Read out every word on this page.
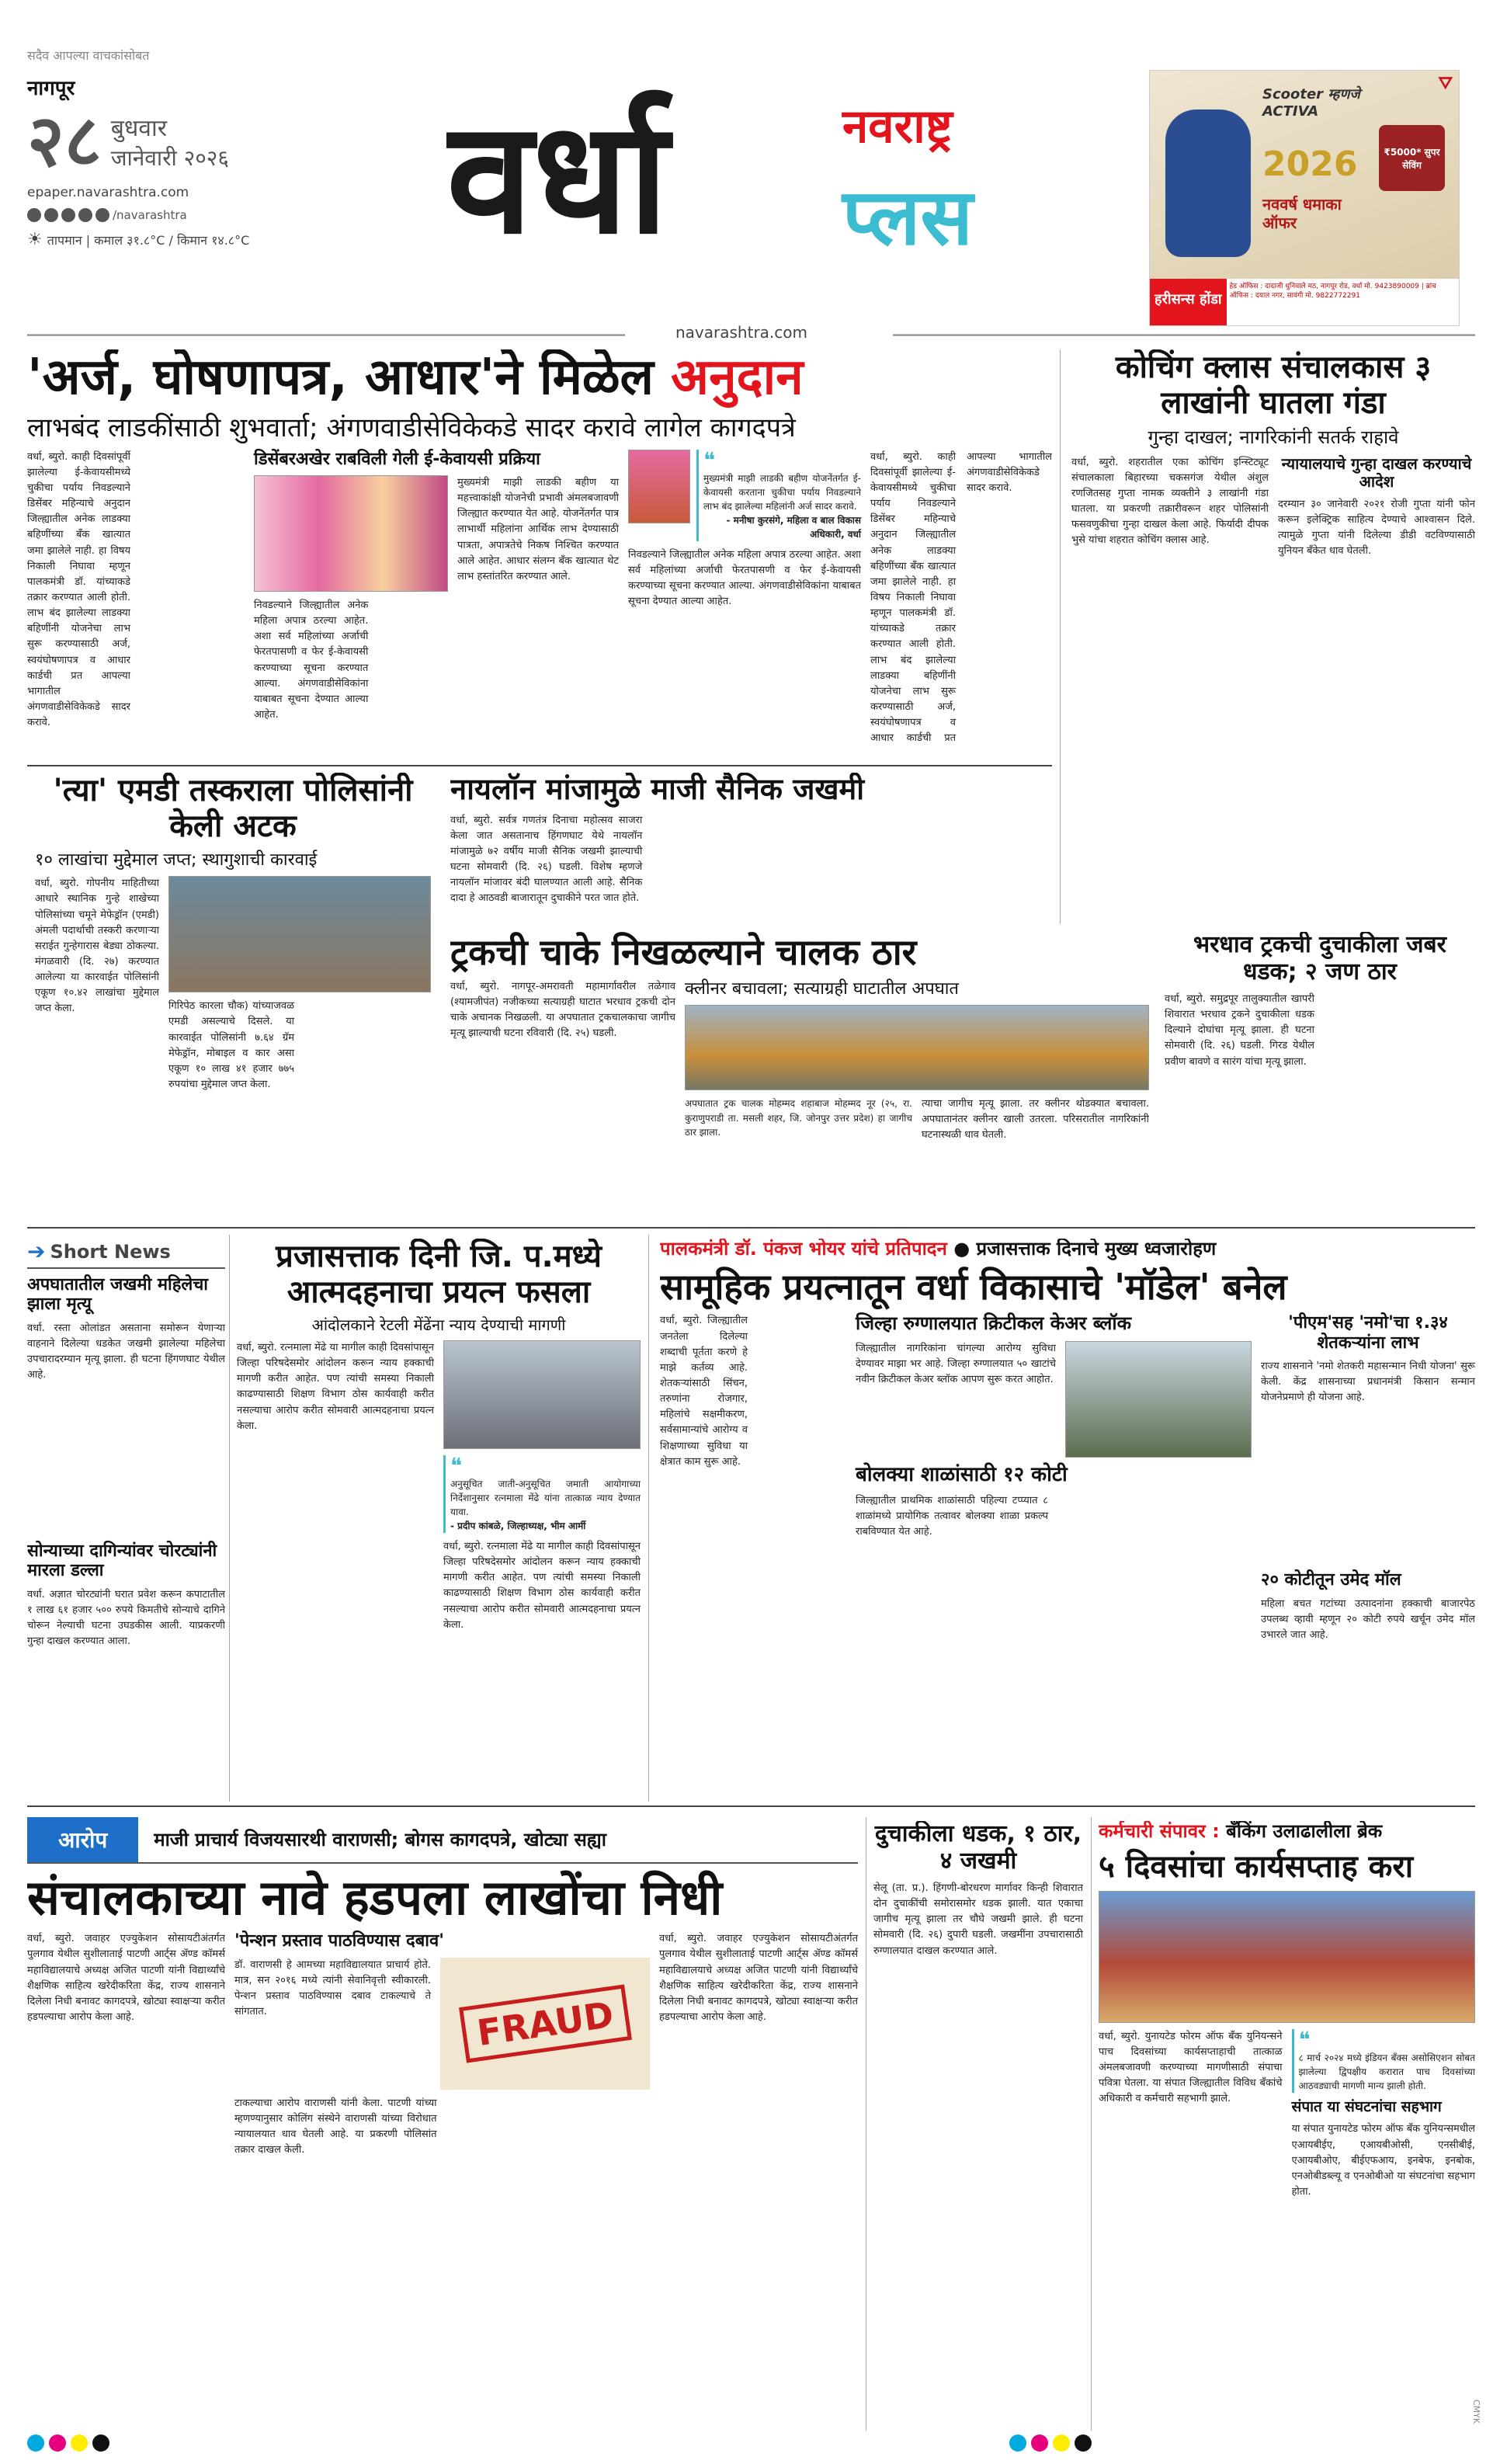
सदैव आपल्या वाचकांसोबत
नागपूर
२८ बुधवार
जानेवारी २०२६
epaper.navarashtra.com
/navarashtra
☀ तापमान | कमाल ३१.८°C / किमान १४.८°C वर्धा	नवराष्ट्र
प्लस
navarashtra.com
⛛
Scooter म्हणजे ACTIVA
2026
नववर्ष धमाका ऑफर
₹5000* सुपर सेविंग
हरीसन्स होंडा
हेड ऑफिस : दादाजी धुनिवाले मठ, नागपूर रोड, वर्धा मो. 9423890009 | ब्रांच ऑफिस : दयाल नगर, सावंगी मो. 9822772291
'अर्ज, घोषणापत्र, आधार'ने मिळेल अनुदान
लाभबंद लाडकींसाठी शुभवार्ता; अंगणवाडीसेविकेकडे सादर करावे लागेल कागदपत्रे
वर्धा, ब्युरो. काही दिवसांपूर्वी झालेल्या ई-केवायसीमध्ये चुकीचा पर्याय निवडल्याने डिसेंबर महिन्याचे अनुदान जिल्ह्यातील अनेक लाडक्या बहिणींच्या बँक खात्यात जमा झालेले नाही. हा विषय निकाली निघावा म्हणून पालकमंत्री डॉ. यांच्याकडे तक्रार करण्यात आली होती. लाभ बंद झालेल्या लाडक्या बहिणींनी योजनेचा लाभ सुरू करण्यासाठी अर्ज, स्वयंघोषणापत्र व आधार कार्डची प्रत आपल्या भागातील अंगणवाडीसेविकेकडे सादर करावे.
डिसेंबरअखेर राबविली गेली ई-केवायसी प्रक्रिया
मुख्यमंत्री माझी लाडकी बहीण या महत्त्वाकांक्षी योजनेची प्रभावी अंमलबजावणी जिल्ह्यात करण्यात येत आहे. योजनेंतर्गत पात्र लाभार्थी महिलांना आर्थिक लाभ देण्यासाठी पात्रता, अपात्रतेचे निकष निश्चित करण्यात आले आहेत. आधार संलग्न बँक खात्यात थेट लाभ हस्तांतरित करण्यात आले.
निवडल्याने जिल्ह्यातील अनेक महिला अपात्र ठरल्या आहेत. अशा सर्व महिलांच्या अर्जाची फेरतपासणी व फेर ई-केवायसी करण्याच्या सूचना करण्यात आल्या. अंगणवाडीसेविकांना याबाबत सूचना देण्यात आल्या आहेत.
❝
मुख्यमंत्री माझी लाडकी बहीण योजनेंतर्गत ई-केवायसी करताना चुकीचा पर्याय निवडल्याने लाभ बंद झालेल्या महिलांनी अर्ज सादर करावे.
- मनीषा कुरसंगे, महिला व बाल विकास अधिकारी, वर्धा
निवडल्याने जिल्ह्यातील अनेक महिला अपात्र ठरल्या आहेत. अशा सर्व महिलांच्या अर्जाची फेरतपासणी व फेर ई-केवायसी करण्याच्या सूचना करण्यात आल्या. अंगणवाडीसेविकांना याबाबत सूचना देण्यात आल्या आहेत.
वर्धा, ब्युरो. काही दिवसांपूर्वी झालेल्या ई-केवायसीमध्ये चुकीचा पर्याय निवडल्याने डिसेंबर महिन्याचे अनुदान जिल्ह्यातील अनेक लाडक्या बहिणींच्या बँक खात्यात जमा झालेले नाही. हा विषय निकाली निघावा म्हणून पालकमंत्री डॉ. यांच्याकडे तक्रार करण्यात आली होती. लाभ बंद झालेल्या लाडक्या बहिणींनी योजनेचा लाभ सुरू करण्यासाठी अर्ज, स्वयंघोषणापत्र व आधार कार्डची प्रत आपल्या भागातील अंगणवाडीसेविकेकडे सादर करावे.
कोचिंग क्लास संचालकास ३ लाखांनी घातला गंडा
गुन्हा दाखल; नागरिकांनी सतर्क राहावे
वर्धा, ब्युरो. शहरातील एका कोचिंग इन्स्टिट्यूट संचालकाला बिहारच्या चकसगंज येथील अंशुल रणजितसह गुप्ता नामक व्यक्तीने ३ लाखांनी गंडा घातला. या प्रकरणी तक्रारीवरून शहर पोलिसांनी फसवणुकीचा गुन्हा दाखल केला आहे. फिर्यादी दीपक भुसे यांचा शहरात कोचिंग क्लास आहे.
न्यायालयाचे गुन्हा दाखल करण्याचे आदेश
दरम्यान ३० जानेवारी २०२१ रोजी गुप्ता यांनी फोन करून इलेक्ट्रिक साहित्य देण्याचे आश्वासन दिले. त्यामुळे गुप्ता यांनी दिलेल्या डीडी वटविण्यासाठी युनियन बँकेत धाव घेतली.
'त्या' एमडी तस्कराला पोलिसांनी केली अटक
१० लाखांचा मुद्देमाल जप्त; स्थागुशाची कारवाई
वर्धा, ब्युरो. गोपनीय माहितीच्या आधारे स्थानिक गुन्हे शाखेच्या पोलिसांच्या चमूने मेफेड्रॉन (एमडी) अंमली पदार्थाची तस्करी करणाऱ्या सराईत गुन्हेगारास बेड्या ठोकल्या. मंगळवारी (दि. २७) करण्यात आलेल्या या कारवाईत पोलिसांनी एकूण १०.४२ लाखांचा मुद्देमाल जप्त केला.	गिरिपेठ कारला चौक) यांच्याजवळ एमडी असल्याचे दिसले. या कारवाईत पोलिसांनी ७.६४ ग्रॅम मेफेड्रॉन, मोबाइल व कार असा एकूण १० लाख ४१ हजार ७७५ रुपयांचा मुद्देमाल जप्त केला.
नायलॉन मांजामुळे माजी सैनिक जखमी
वर्धा, ब्युरो. सर्वत्र गणतंत्र दिनाचा महोत्सव साजरा केला जात असतानाच हिंगणघाट येथे नायलॉन मांजामुळे ७२ वर्षीय माजी सैनिक जखमी झाल्याची घटना सोमवारी (दि. २६) घडली. विशेष म्हणजे नायलॉन मांजावर बंदी घालण्यात आली आहे. सैनिक दादा हे आठवडी बाजारातून दुचाकीने परत जात होते.
ट्रकची चाके निखळल्याने चालक ठार
वर्धा, ब्युरो. नागपूर-अमरावती महामार्गावरील तळेगाव (श्यामजीपंत) नजीकच्या सत्याग्रही घाटात भरधाव ट्रकची दोन चाके अचानक निखळली. या अपघातात ट्रकचालकाचा जागीच मृत्यू झाल्याची घटना रविवारी (दि. २५) घडली.
क्लीनर बचावला; सत्याग्रही घाटातील अपघात
अपघातात ट्रक चालक मोहम्मद शहाबाज मोहम्मद नूर (२५, रा. कुराणुपराडी ता. मसली शहर, जि. जोनपुर उत्तर प्रदेश) हा जागीच ठार झाला.
त्याचा जागीच मृत्यू झाला. तर क्लीनर थोडक्यात बचावला. अपघातानंतर क्लीनर खाली उतरला. परिसरातील नागरिकांनी घटनास्थळी धाव घेतली.
भरधाव ट्रकची दुचाकीला जबर धडक; २ जण ठार
वर्धा, ब्युरो. समुद्रपूर तालुक्यातील खापरी शिवारात भरधाव ट्रकने दुचाकीला धडक दिल्याने दोघांचा मृत्यू झाला. ही घटना सोमवारी (दि. २६) घडली. गिरड येथील प्रवीण बावणे व सारंग यांचा मृत्यू झाला.
➔ Short News
अपघातातील जखमी महिलेचा झाला मृत्यू
वर्धा. रस्ता ओलांडत असताना समोरून येणाऱ्या वाहनाने दिलेल्या धडकेत जखमी झालेल्या महिलेचा उपचारादरम्यान मृत्यू झाला. ही घटना हिंगणघाट येथील आहे.
सोन्याच्या दागिन्यांवर चोरट्यांनी मारला डल्ला
वर्धा. अज्ञात चोरट्यांनी घरात प्रवेश करून कपाटातील १ लाख ६१ हजार ५०० रुपये किमतीचे सोन्याचे दागिने चोरून नेल्याची घटना उघडकीस आली. याप्रकरणी गुन्हा दाखल करण्यात आला.
प्रजासत्ताक दिनी जि. प.मध्ये आत्मदहनाचा प्रयत्न फसला
आंदोलकाने रेटली मेंढेंना न्याय देण्याची मागणी
वर्धा, ब्युरो. रत्नमाला मेंढे या मागील काही दिवसांपासून जिल्हा परिषदेसमोर आंदोलन करून न्याय हक्काची मागणी करीत आहेत. पण त्यांची समस्या निकाली काढण्यासाठी शिक्षण विभाग ठोस कार्यवाही करीत नसल्याचा आरोप करीत सोमवारी आत्मदहनाचा प्रयत्न केला.
❝
अनुसूचित जाती-अनुसूचित जमाती आयोगाच्या निर्देशानुसार रत्नमाला मेंढे यांना तात्काळ न्याय देण्यात यावा.
- प्रदीप कांबळे, जिल्हाध्यक्ष, भीम आर्मी
वर्धा, ब्युरो. रत्नमाला मेंढे या मागील काही दिवसांपासून जिल्हा परिषदेसमोर आंदोलन करून न्याय हक्काची मागणी करीत आहेत. पण त्यांची समस्या निकाली काढण्यासाठी शिक्षण विभाग ठोस कार्यवाही करीत नसल्याचा आरोप करीत सोमवारी आत्मदहनाचा प्रयत्न केला.
पालकमंत्री डॉ. पंकज भोयर यांचे प्रतिपादन ● प्रजासत्ताक दिनाचे मुख्य ध्वजारोहण
सामूहिक प्रयत्नातून वर्धा विकासाचे 'मॉडेल' बनेल
वर्धा, ब्युरो. जिल्ह्यातील जनतेला दिलेल्या शब्दाची पूर्तता करणे हे माझे कर्तव्य आहे. शेतकऱ्यांसाठी सिंचन, तरुणांना रोजगार, महिलांचे सक्षमीकरण, सर्वसामान्यांचे आरोग्य व शिक्षणाच्या सुविधा या क्षेत्रात काम सुरू आहे.
जिल्हा रुग्णालयात क्रिटीकल केअर ब्लॉक
जिल्ह्यातील नागरिकांना चांगल्या आरोग्य सुविधा देण्यावर माझा भर आहे. जिल्हा रुग्णालयात ५० खाटांचे नवीन क्रिटीकल केअर ब्लॉक आपण सुरू करत आहोत.
बोलक्या शाळांसाठी १२ कोटी
जिल्ह्यातील प्राथमिक शाळांसाठी पहिल्या टप्प्यात ८ शाळांमध्ये प्रायोगिक तत्वावर बोलक्या शाळा प्रकल्प राबविण्यात येत आहे.
'पीएम'सह 'नमो'चा १.३४ शेतकऱ्यांना लाभ
राज्य शासनाने 'नमो शेतकरी महासन्मान निधी योजना' सुरू केली. केंद्र शासनाच्या प्रधानमंत्री किसान सन्मान योजनेप्रमाणे ही योजना आहे.
२० कोटीतून उमेद मॉल
महिला बचत गटांच्या उत्पादनांना हक्काची बाजारपेठ उपलब्ध व्हावी म्हणून २० कोटी रुपये खर्चून उमेद मॉल उभारले जात आहे.
आरोप	माजी प्राचार्य विजयसारथी वाराणसी; बोगस कागदपत्रे, खोट्या सह्या
संचालकाच्या नावे हडपला लाखोंचा निधी
वर्धा, ब्युरो. जवाहर एज्युकेशन सोसायटीअंतर्गत पुलगाव येथील सुशीलाताई पाटणी आर्ट्स ॲण्ड कॉमर्स महाविद्यालयाचे अध्यक्ष अजित पाटणी यांनी विद्यार्थ्यांचे शैक्षणिक साहित्य खरेदीकरिता केंद्र, राज्य शासनाने दिलेला निधी बनावट कागदपत्रे, खोट्या स्वाक्षऱ्या करीत हडपल्याचा आरोप केला आहे.
'पेन्शन प्रस्ताव पाठविण्यास दबाव'
डॉ. वाराणसी हे आमच्या महाविद्यालयात प्राचार्य होते. मात्र, सन २०१६ मध्ये त्यांनी सेवानिवृत्ती स्वीकारली. पेन्शन प्रस्ताव पाठविण्यास दबाव टाकल्याचे ते सांगतात.	FRAUD
टाकल्याचा आरोप वाराणसी यांनी केला. पाटणी यांच्या म्हणण्यानुसार कोलिंग संस्थेने वाराणसी यांच्या विरोधात न्यायालयात धाव घेतली आहे. या प्रकरणी पोलिसांत तक्रार दाखल केली.
वर्धा, ब्युरो. जवाहर एज्युकेशन सोसायटीअंतर्गत पुलगाव येथील सुशीलाताई पाटणी आर्ट्स ॲण्ड कॉमर्स महाविद्यालयाचे अध्यक्ष अजित पाटणी यांनी विद्यार्थ्यांचे शैक्षणिक साहित्य खरेदीकरिता केंद्र, राज्य शासनाने दिलेला निधी बनावट कागदपत्रे, खोट्या स्वाक्षऱ्या करीत हडपल्याचा आरोप केला आहे.
दुचाकीला धडक, १ ठार, ४ जखमी
सेलू (ता. प्र.). हिंगणी-बोरधरण मार्गावर किन्ही शिवारात दोन दुचाकींची समोरासमोर धडक झाली. यात एकाचा जागीच मृत्यू झाला तर चौघे जखमी झाले. ही घटना सोमवारी (दि. २६) दुपारी घडली. जखमींना उपचारासाठी रुग्णालयात दाखल करण्यात आले.
कर्मचारी संपावर : बँकिंग उलाढालीला ब्रेक
५ दिवसांचा कार्यसप्ताह करा
वर्धा, ब्युरो. युनायटेड फोरम ऑफ बँक युनियन्सने पाच दिवसांच्या कार्यसप्ताहाची तात्काळ अंमलबजावणी करण्याच्या मागणीसाठी संपाचा पवित्रा घेतला. या संपात जिल्ह्यातील विविध बँकांचे अधिकारी व कर्मचारी सहभागी झाले.
❝
८ मार्च २०२४ मध्ये इंडियन बँक्स असोसिएशन सोबत झालेल्या द्विपक्षीय करारात पाच दिवसांच्या आठवड्याची मागणी मान्य झाली होती.
संपात या संघटनांचा सहभाग
या संपात युनायटेड फोरम ऑफ बँक युनियन्समधील एआयबीईए, एआयबीओसी, एनसीबीई, एआयबीओए, बीईएफआय, इनबेफ, इनबोक, एनओबीडब्ल्यू व एनओबीओ या संघटनांचा सहभाग होता.
CMYK
